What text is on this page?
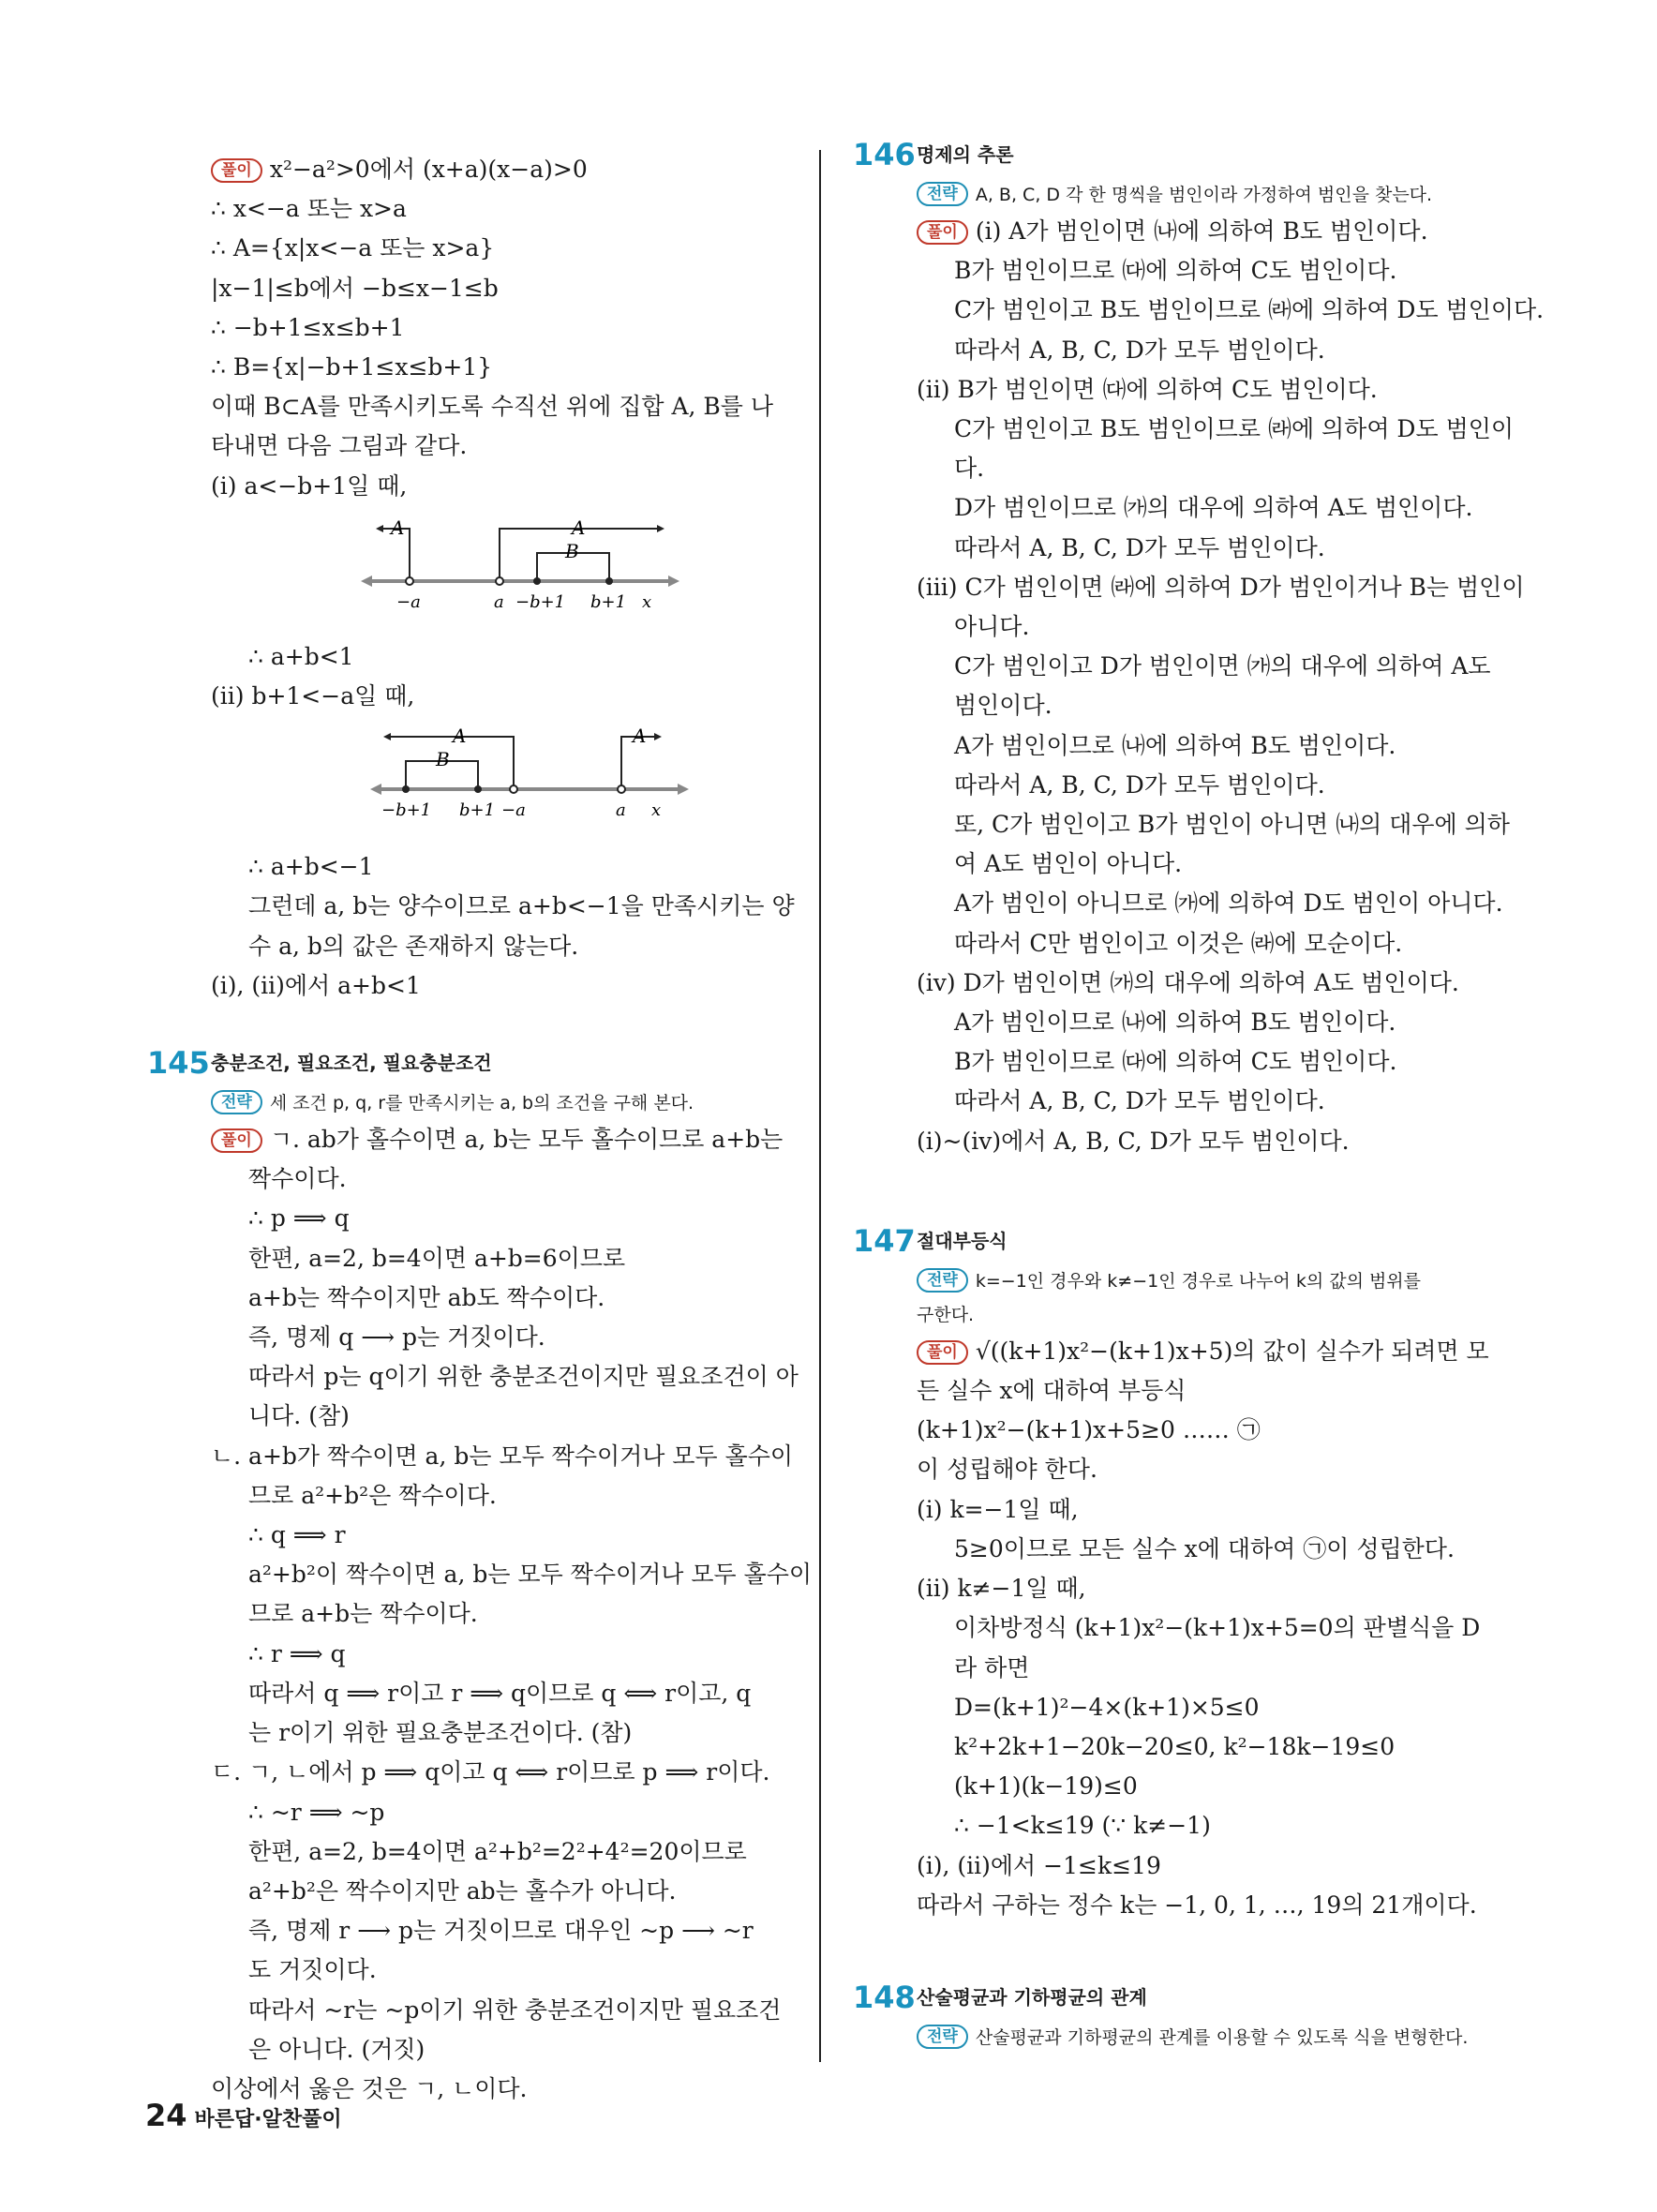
풀이 x²−a²>0에서 (x+a)(x−a)>0
∴ x<−a 또는 x>a
∴ A={x|x<−a 또는 x>a}
|x−1|≤b에서 −b≤x−1≤b
∴ −b+1≤x≤b+1
∴ B={x|−b+1≤x≤b+1}
이때 B⊂A를 만족시키도록 수직선 위에 집합 A, B를 나
타내면 다음 그림과 같다.
(ⅰ) a<−b+1일 때,
A	A
B
−a	a −b+1 b+1 x
∴ a+b<1
(ⅱ) b+1<−a일 때,
A	A
B
−b+1 b+1 −a	a x
∴ a+b<−1
그런데 a, b는 양수이므로 a+b<−1을 만족시키는 양
수 a, b의 값은 존재하지 않는다.
(ⅰ), (ⅱ)에서 a+b<1
145 충분조건, 필요조건, 필요충분조건
전략 세 조건 p, q, r를 만족시키는 a, b의 조건을 구해 본다.
풀이 ㄱ. ab가 홀수이면 a, b는 모두 홀수이므로 a+b는
짝수이다.
∴ p ⟹ q
한편, a=2, b=4이면 a+b=6이므로
a+b는 짝수이지만 ab도 짝수이다.
즉, 명제 q ⟶ p는 거짓이다.
따라서 p는 q이기 위한 충분조건이지만 필요조건이 아
니다. (참)
ㄴ. a+b가 짝수이면 a, b는 모두 짝수이거나 모두 홀수이
므로 a²+b²은 짝수이다.
∴ q ⟹ r
a²+b²이 짝수이면 a, b는 모두 짝수이거나 모두 홀수이
므로 a+b는 짝수이다.
∴ r ⟹ q
따라서 q ⟹ r이고 r ⟹ q이므로 q ⟺ r이고, q
는 r이기 위한 필요충분조건이다. (참)
ㄷ. ㄱ, ㄴ에서 p ⟹ q이고 q ⟺ r이므로 p ⟹ r이다.
∴ ~r ⟹ ~p
한편, a=2, b=4이면 a²+b²=2²+4²=20이므로
a²+b²은 짝수이지만 ab는 홀수가 아니다.
즉, 명제 r ⟶ p는 거짓이므로 대우인 ~p ⟶ ~r
도 거짓이다.
따라서 ~r는 ~p이기 위한 충분조건이지만 필요조건
은 아니다. (거짓)
이상에서 옳은 것은 ㄱ, ㄴ이다.
146 명제의 추론
전략 A, B, C, D 각 한 명씩을 범인이라 가정하여 범인을 찾는다.
풀이 (ⅰ) A가 범인이면 ㈏에 의하여 B도 범인이다.
B가 범인이므로 ㈐에 의하여 C도 범인이다.
C가 범인이고 B도 범인이므로 ㈑에 의하여 D도 범인이다.
따라서 A, B, C, D가 모두 범인이다.
(ⅱ) B가 범인이면 ㈐에 의하여 C도 범인이다.
C가 범인이고 B도 범인이므로 ㈑에 의하여 D도 범인이
다.
D가 범인이므로 ㈎의 대우에 의하여 A도 범인이다.
따라서 A, B, C, D가 모두 범인이다.
(ⅲ) C가 범인이면 ㈑에 의하여 D가 범인이거나 B는 범인이
아니다.
C가 범인이고 D가 범인이면 ㈎의 대우에 의하여 A도
범인이다.
A가 범인이므로 ㈏에 의하여 B도 범인이다.
따라서 A, B, C, D가 모두 범인이다.
또, C가 범인이고 B가 범인이 아니면 ㈏의 대우에 의하
여 A도 범인이 아니다.
A가 범인이 아니므로 ㈎에 의하여 D도 범인이 아니다.
따라서 C만 범인이고 이것은 ㈑에 모순이다.
(ⅳ) D가 범인이면 ㈎의 대우에 의하여 A도 범인이다.
A가 범인이므로 ㈏에 의하여 B도 범인이다.
B가 범인이므로 ㈐에 의하여 C도 범인이다.
따라서 A, B, C, D가 모두 범인이다.
(ⅰ)~(ⅳ)에서 A, B, C, D가 모두 범인이다.
147 절대부등식
전략 k=−1인 경우와 k≠−1인 경우로 나누어 k의 값의 범위를
구한다.
풀이 √((k+1)x²−(k+1)x+5)의 값이 실수가 되려면 모
든 실수 x에 대하여 부등식
(k+1)x²−(k+1)x+5≥0 …… ㉠
이 성립해야 한다.
(ⅰ) k=−1일 때,
5≥0이므로 모든 실수 x에 대하여 ㉠이 성립한다.
(ⅱ) k≠−1일 때,
이차방정식 (k+1)x²−(k+1)x+5=0의 판별식을 D
라 하면
D=(k+1)²−4×(k+1)×5≤0
k²+2k+1−20k−20≤0, k²−18k−19≤0
(k+1)(k−19)≤0
∴ −1<k≤19 (∵ k≠−1)
(ⅰ), (ⅱ)에서 −1≤k≤19
따라서 구하는 정수 k는 −1, 0, 1, …, 19의 21개이다.
148 산술평균과 기하평균의 관계
전략 산술평균과 기하평균의 관계를 이용할 수 있도록 식을 변형한다.
24 바른답·알찬풀이
